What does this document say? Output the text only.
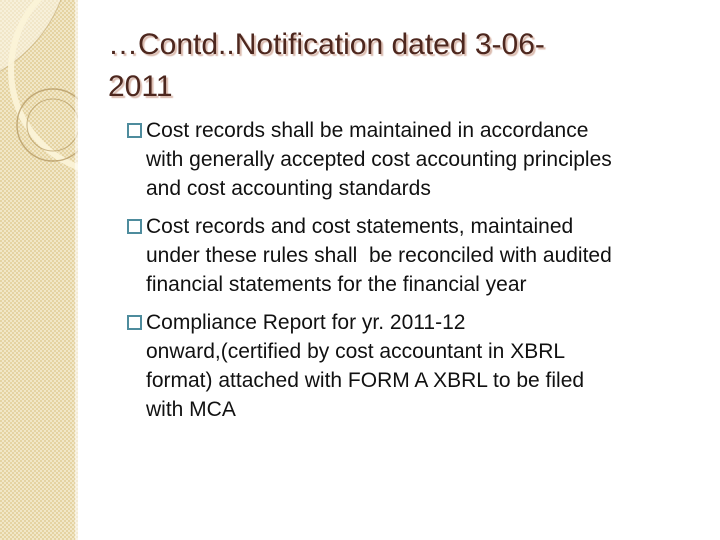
…Contd..Notification dated 3-06-
2011
Cost records shall be maintained in accordance
with generally accepted cost accounting principles
and cost accounting standards
Cost records and cost statements, maintained
under these rules shall  be reconciled with audited
financial statements for the financial year
Compliance Report for yr. 2011-12
onward,(certified by cost accountant in XBRL
format) attached with FORM A XBRL to be filed
with MCA
